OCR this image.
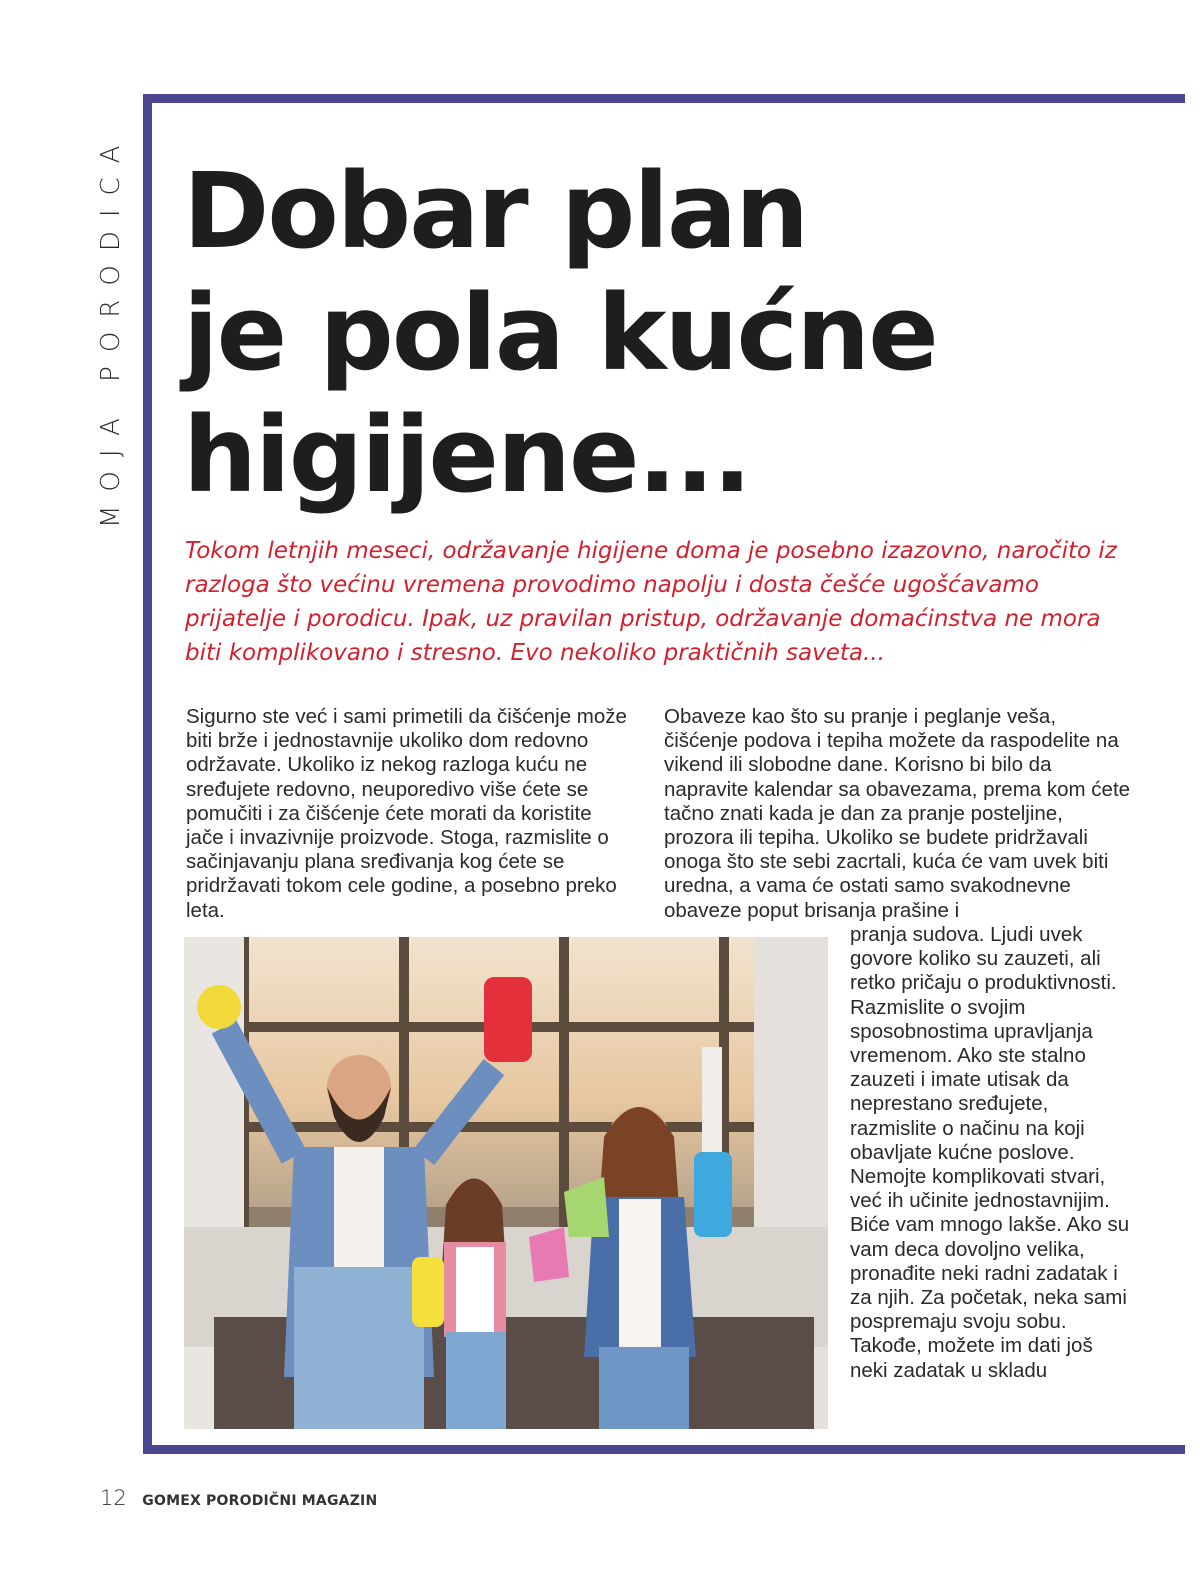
MOJA PORODICA Dobar plan
je pola kućne
higijene...

Tokom letnjih meseci, održavanje higijene doma je posebno izazovno, naročito iz razloga što većinu vremena provodimo napolju i dosta češće ugošćavamo prijatelje i porodicu. Ipak, uz pravilan pristup, održavanje domaćinstva ne mora biti komplikovano i stresno. Evo nekoliko praktičnih saveta...

Sigurno ste već i sami primetili da čišćenje može biti brže i jednostavnije ukoliko dom redovno održavate. Ukoliko iz nekog razloga kuću ne sređujete redovno, neuporedivo više ćete se pomučiti i za čišćenje ćete morati da koristite jače i invazivnije proizvode. Stoga, razmislite o sačinjavanju plana sređivanja kog ćete se pridržavati tokom cele godine, a posebno preko leta.

Obaveze kao što su pranje i peglanje veša, čišćenje podova i tepiha možete da raspodelite na vikend ili slobodne dane. Korisno bi bilo da napravite kalendar sa obavezama, prema kom ćete tačno znati kada je dan za pranje posteljine, prozora ili tepiha. Ukoliko se budete pridržavali onoga što ste sebi zacrtali, kuća će vam uvek biti uredna, a vama će ostati samo svakodnevne obaveze poput brisanja prašine i

pranja sudova. Ljudi uvek govore koliko su zauzeti, ali retko pričaju o produktivnosti. Razmislite o svojim sposobnostima upravljanja vremenom. Ako ste stalno zauzeti i imate utisak da neprestano sređujete, razmislite o načinu na koji obavljate kućne poslove. Nemojte komplikovati stvari, već ih učinite jednostavnijim. Biće vam mnogo lakše. Ako su vam deca dovoljno velika, pronađite neki radni zadatak i za njih. Za početak, neka sami pospremaju svoju sobu. Takođe, možete im dati još neki zadatak u skladu

12 GOMEX PORODIČNI MAGAZIN
